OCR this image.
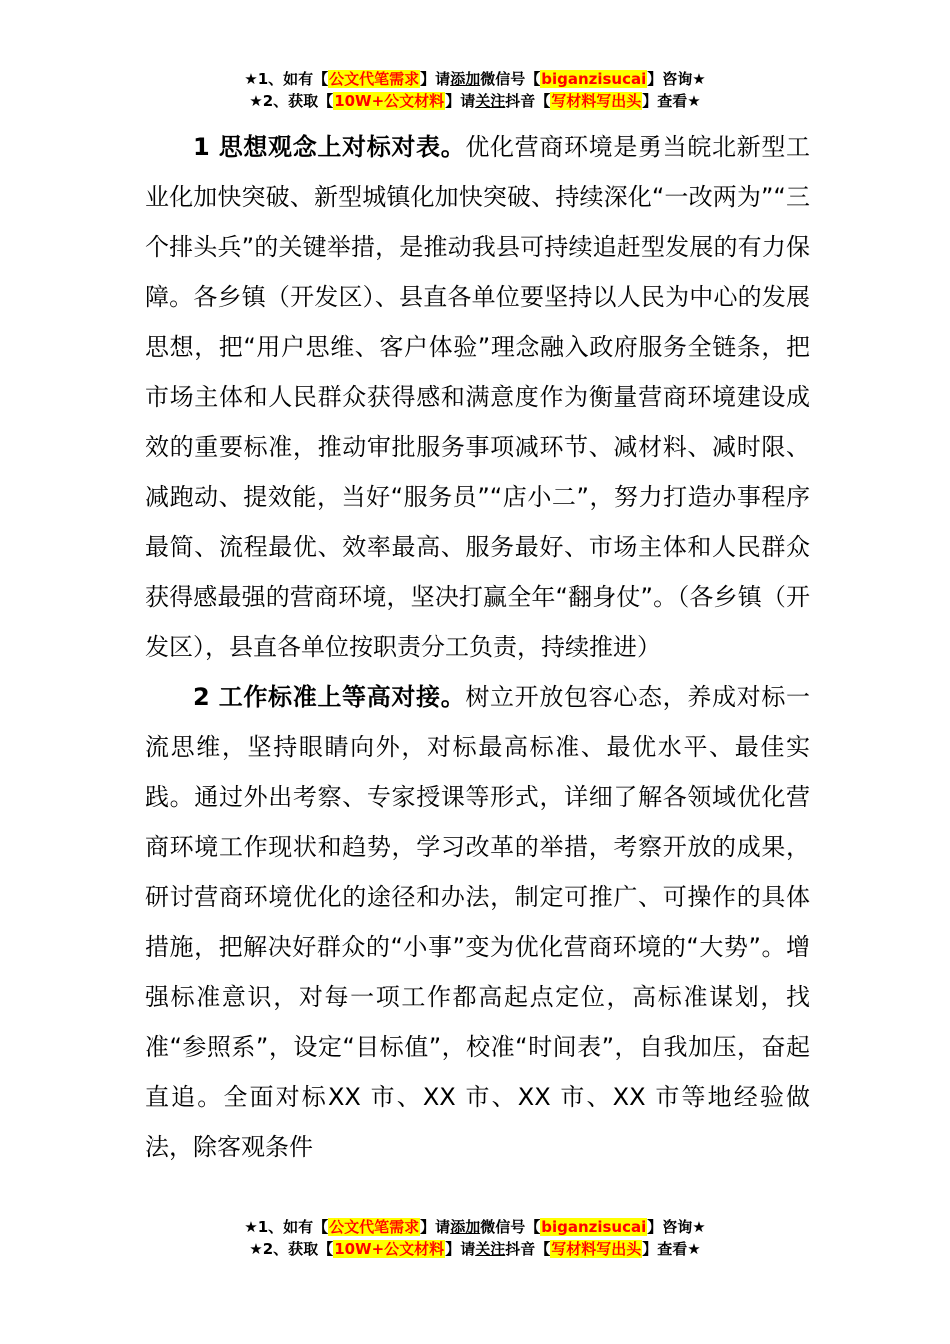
★1、如有【公文代笔需求】请添加微信号【biganzisucai】咨询★
★2、获取【10W+公文材料】请关注抖音【写材料写出头】查看★

1 思想观念上对标对表。优化营商环境是勇当皖北新型工业化加快突破、新型城镇化加快突破、持续深化“一改两为”“三个排头兵”的关键举措，是推动我县可持续追赶型发展的有力保障。各乡镇（开发区）、县直各单位要坚持以人民为中心的发展思想，把“用户思维、客户体验”理念融入政府服务全链条，把市场主体和人民群众获得感和满意度作为衡量营商环境建设成效的重要标准，推动审批服务事项减环节、减材料、减时限、减跑动、提效能，当好“服务员”“店小二”，努力打造办事程序最简、流程最优、效率最高、服务最好、市场主体和人民群众获得感最强的营商环境，坚决打赢全年“翻身仗”。（各乡镇（开发区），县直各单位按职责分工负责，持续推进）

2 工作标准上等高对接。树立开放包容心态，养成对标一流思维，坚持眼睛向外，对标最高标准、最优水平、最佳实践。通过外出考察、专家授课等形式，详细了解各领域优化营商环境工作现状和趋势，学习改革的举措，考察开放的成果，研讨营商环境优化的途径和办法，制定可推广、可操作的具体措施，把解决好群众的“小事”变为优化营商环境的“大势”。增强标准意识，对每一项工作都高起点定位，高标准谋划，找准“参照系”，设定“目标值”，校准“时间表”，自我加压，奋起直追。全面对标XX 市、XX 市、XX 市、XX 市等地经验做法，除客观条件

★1、如有【公文代笔需求】请添加微信号【biganzisucai】咨询★
★2、获取【10W+公文材料】请关注抖音【写材料写出头】查看★
